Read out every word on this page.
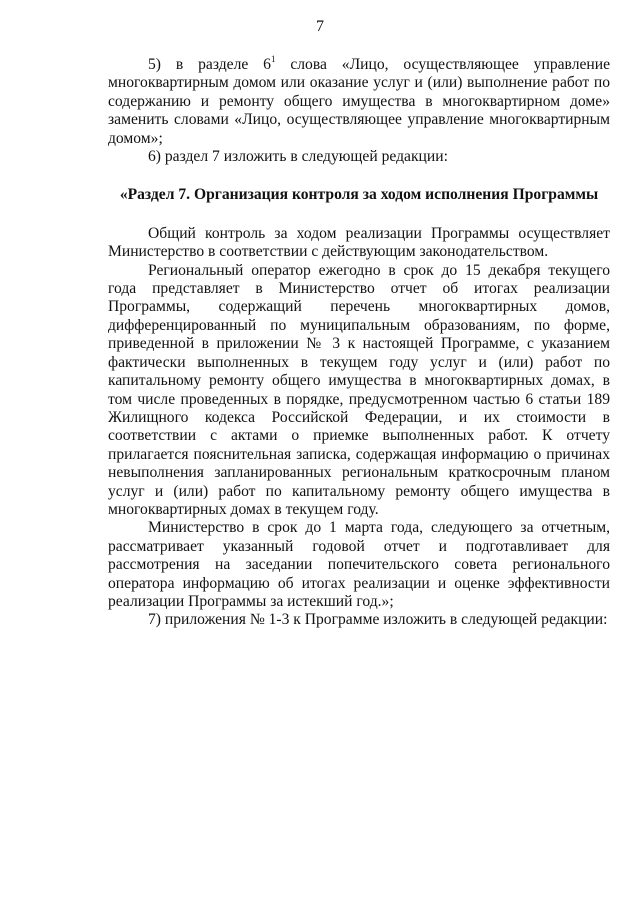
7

5) в разделе $6^1$ слова «Лицо, осуществляющее управление многоквартирным домом или оказание услуг и (или) выполнение работ по содержанию и ремонту общего имущества в многоквартирном доме» заменить словами «Лицо, осуществляющее управление многоквартирным домом»;

6) раздел 7 изложить в следующей редакции:

«Раздел 7. Организация контроля за ходом исполнения Программы

Общий контроль за ходом реализации Программы осуществляет Министерство в соответствии с действующим законодательством.

Региональный оператор ежегодно в срок до 15 декабря текущего года представляет в Министерство отчет об итогах реализации Программы, содержащий перечень многоквартирных домов, дифференцированный по муниципальным образованиям, по форме, приведенной в приложении № 3 к настоящей Программе, с указанием фактически выполненных в текущем году услуг и (или) работ по капитальному ремонту общего имущества в многоквартирных домах, в том числе проведенных в порядке, предусмотренном частью 6 статьи 189 Жилищного кодекса Российской Федерации, и их стоимости в соответствии с актами о приемке выполненных работ. К отчету прилагается пояснительная записка, содержащая информацию о причинах невыполнения запланированных региональным краткосрочным планом услуг и (или) работ по капитальному ремонту общего имущества в многоквартирных домах в текущем году.

Министерство в срок до 1 марта года, следующего за отчетным, рассматривает указанный годовой отчет и подготавливает для рассмотрения на заседании попечительского совета регионального оператора информацию об итогах реализации и оценке эффективности реализации Программы за истекший год.»;

7) приложения № 1-3 к Программе изложить в следующей редакции:
